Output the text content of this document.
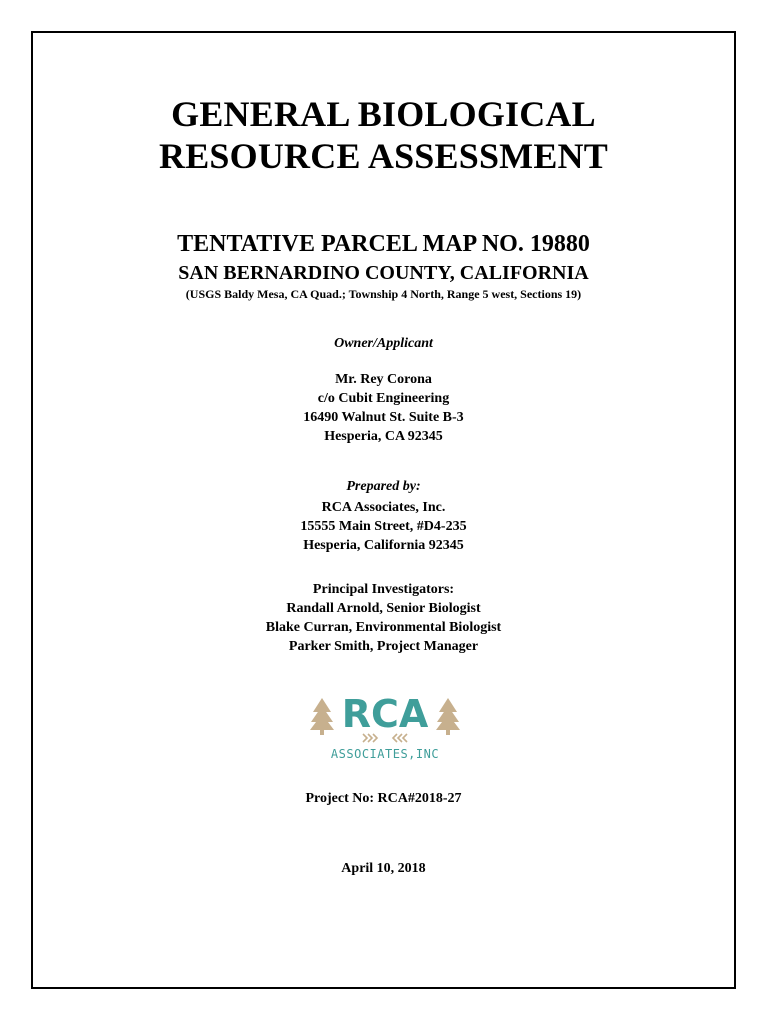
GENERAL BIOLOGICAL
RESOURCE ASSESSMENT
TENTATIVE PARCEL MAP NO. 19880
SAN BERNARDINO COUNTY, CALIFORNIA
(USGS Baldy Mesa, CA Quad.; Township 4 North, Range 5 west, Sections 19)
Owner/Applicant
Mr. Rey Corona
c/o Cubit Engineering
16490 Walnut St. Suite B-3
Hesperia, CA 92345
Prepared by:
RCA Associates, Inc.
15555 Main Street, #D4-235
Hesperia, California 92345
Principal Investigators:
Randall Arnold, Senior Biologist
Blake Curran, Environmental Biologist
Parker Smith, Project Manager
RCA
ASSOCIATES,INC
Project No: RCA#2018-27
April 10, 2018
